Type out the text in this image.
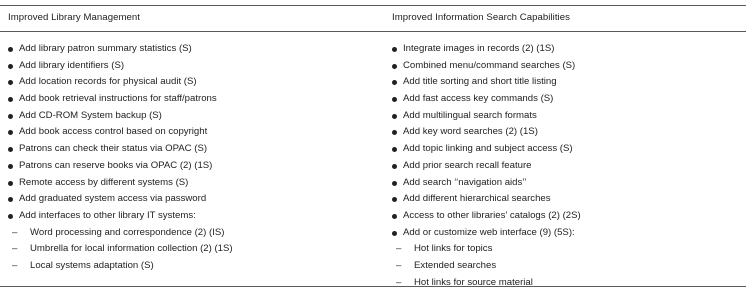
Improved Library Management
Add library patron summary statistics (S)
Add library identifiers (S)
Add location records for physical audit (S)
Add book retrieval instructions for staff/patrons
Add CD-ROM System backup (S)
Add book access control based on copyright
Patrons can check their status via OPAC (S)
Patrons can reserve books via OPAC (2) (1S)
Remote access by different systems (S)
Add graduated system access via password
Add interfaces to other library IT systems:
– Word processing and correspondence (2) (IS)
– Umbrella for local information collection (2) (1S)
– Local systems adaptation (S)
Improved Information Search Capabilities
Integrate images in records (2) (1S)
Combined menu/command searches (S)
Add title sorting and short title listing
Add fast access key commands (S)
Add multilingual search formats
Add key word searches (2) (1S)
Add topic linking and subject access (S)
Add prior search recall feature
Add search ‘‘navigation aids’’
Add different hierarchical searches
Access to other libraries’ catalogs (2) (2S)
Add or customize web interface (9) (5S):
– Hot links for topics
– Extended searches
– Hot links for source material
